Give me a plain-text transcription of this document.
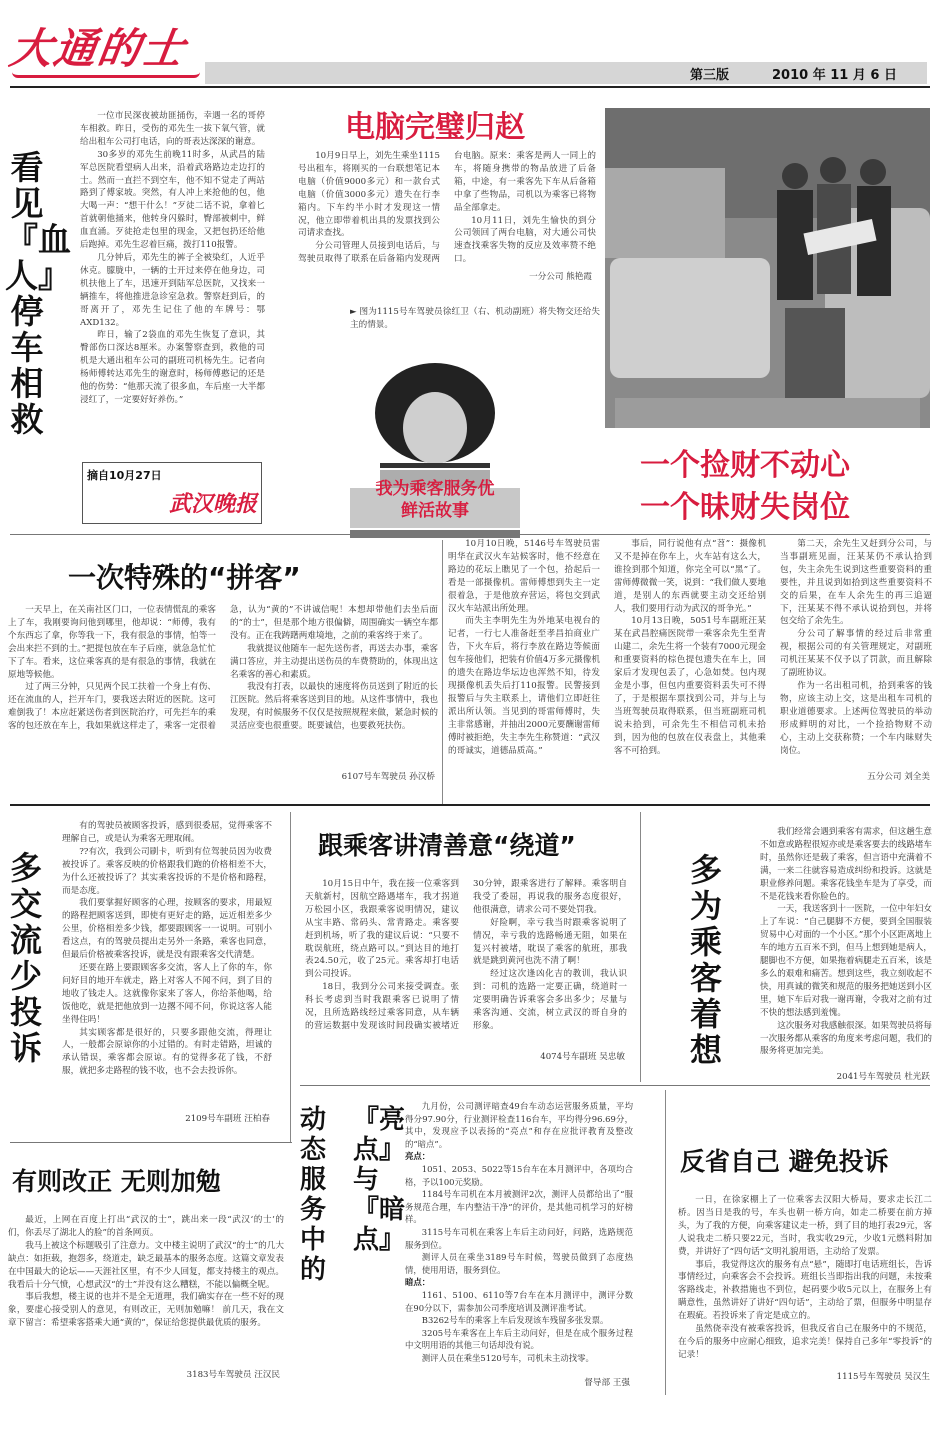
大通的士
第三版	2010 年 11 月 6 日
看见『血人』停车相救

一位市民深夜被劫匪捅伤，幸遇一名的哥停车相救。昨日，受伤的邓先生一拔下氧气管，就给出租车公司打电话，向的哥表达深深的谢意。

30多岁的邓先生前晚11时多，从武昌的陆军总医院看望病人出来，沿着武珞路边走边打的士。然而一直拦不到空车，他不知不觉走了两站路到了傅家坡。突然，有人冲上来抢他的包，他大喝一声：“想干什么！”歹徒二话不说，拿着匕首就朝他捅来，他转身闪躲时，臀部被刺中，鲜血直涌。歹徒抢走包里的现金，又把包扔还给他后跑掉。邓先生忍着巨痛，拨打110报警。

几分钟后，邓先生的裤子全被染红，人近乎休克。朦胧中，一辆的士开过来停在他身边，司机扶他上了车，迅速开到陆军总医院，又找来一辆推车，将他推进急诊室急救。警察赶到后，的哥离开了，邓先生记住了他的车牌号：鄂AXD132。

昨日，输了2袋血的邓先生恢复了意识，其臀部伤口深达8厘米。办案警察查到，救他的司机是大通出租车公司的副班司机杨先生。记者向杨师傅转达邓先生的谢意时，杨师傅憨记的还是他的伤势：“他那天流了很多血，车后座一大半都浸红了，一定要好好养伤。”

摘自10月27日
武汉晚报
电脑完璧归赵

10月9日早上，刘先生乘坐1115号出租车，将刚买的一台联想笔记本电脑（价值9000多元）和一款台式电脑（价值3000多元）遗失在行李箱内。下车约半小时才发现这一情况，他立即带着机出具的发票找到公司请求查找。

分公司管理人员接到电话后，与驾驶员取得了联系在后备箱内发现两台电脑。原来：乘客是两人一同上的车，将随身携带的物品放进了后备箱，中途，有一乘客先下车从后备箱中拿了些物品，司机以为乘客已将物品全部拿走。

10月11日，刘先生愉快的到分公司领回了两台电脑，对大通公司快速查找乘客失物的反应及效率赞不绝口。

一分公司 熊艳霞
► 图为1115号车驾驶员徐红卫（右、机动副班）将失物交还给失主的情景。
我为乘客服务优
鲜活故事
一个捡财不动心
一个昧财失岗位
一次特殊的“拼客”

一天早上，在关南社区门口，一位表情慌乱的乘客上了车，我刚要询问他到哪里，他却说：“师傅，我有个东西忘了拿，你等我一下，我有很急的事情，怕等一会出来拦不到的士。”把提包放在车子后座，就急急忙忙下了车。看来，这位乘客真的是有很急的事情，我就在原地等候他。

过了两三分钟，只见两个民工扶着一个身上有伤、还在流血的人，拦开车门，要我送去附近的医院。这可难倒我了！本应赶紧送伤者到医院治疗，可先拦车的乘客的包还放在车上，我如果就这样走了，乘客一定很着急，认为“黄的”不讲诚信呢！本想却带他们去坐后面的“的士”，但是那个地方很偏僻，周围确实一辆空车都没有。正在我踌躇两难境地，之前的乘客终于来了。

我就提议他随车一起先送伤者，再送去办事，乘客满口答应，并主动提出送伤员的车费赞助的，体现出这名乘客的善心和素质。

我没有打表，以最快的速度将伤员送到了附近的长江医院。然后将乘客送到目的地。从这件事情中，我也发现，有时候服务不仅仅是按照规程来做，紧急时候的灵活应变也很重要。既要诚信，也要救死扶伤。

6107号车驾驶员 孙汉桥

10月10日晚，5146号车驾驶员雷明华在武汉火车站候客时，他不经意在路边的花坛上瞧见了一个包，拾起后一看是一部摄像机。雷师傅想到失主一定很着急，于是他放弃营运，将包交到武汉火车站派出所处理。

而失主李明先生为外地某电视台的记者，一行七人准备赶至孝昌拍商业广告，下火车后，将行李放在路边等候面包车接他们，把装有价值4万多元摄像机的遗失在路边华坛边也浑然不知，待发现摄像机丢失后打110报警。民警接到报警后与失主联系上，请他们立即赶往派出所认领。当见到的哥雷师傅时，失主非常感谢，并抽出2000元要酬谢雷师傅时被拒绝，失主李先生称赞道：“武汉的哥诚实，道德品质高。”

事后，同行说他有点“苕”：摄像机又不是掉在你车上，火车站有这么大，谁捡到那个知道，你完全可以“黑”了。雷师傅微微一笑，说到：“我们做人要地道，是别人的东西就要主动交还给别人，我们要用行动为武汉的哥争光。”

10月13日晚，5051号车副班汪某某在武昌腔痛医院带一乘客余先生至青山建二，余先生将一个装有7000元现金和重要资料的棕色提包遗失在车上，回家后才发现包丢了，心急如焚。包内现金是小事，但包内重要资料丢失可不得了，于是根据车票找到公司，并与上与当班驾驶员取得联系，但当班副班司机说未拾到，可余先生不相信司机未拾到，因为他的包放在仪表盘上，其他乘客不可拾到。

第二天，余先生又赶到分公司，与当事副班见面，汪某某仍不承认拾到包，失主余先生说到这些重要资料的重要性，并且说到如拾到这些重要资料不交的后果，在车人余先生的再三追逼下，汪某某不得不承认说拾到包，并将包交给了余先生。

分公司了解事情的经过后非常重视，根据公司的有关管理规定，对副班司机汪某某不仅予以了罚款，而且解除了副班协议。

作为一名出租司机，拾到乘客的钱物，应该主动上交，这是出租车司机的职业道德要求。上述两位驾驶员的举动形成鲜明的对比，一个捡拾物财不动心，主动上交获称赞；一个车内昧财失岗位。

五分公司 刘全美
多交流 少投诉

有的驾驶员被顾客投诉，感到很委屈，觉得乘客不理解自己，或是认为乘客无理取闹。

??有次，我到公司刷卡，听到有位驾驶员因为收费被投诉了。乘客反映的价格跟我们跑的价格相差不大，为什么还被投诉了？其实乘客投诉的不是价格和路程，而是态度。

我们要掌握好顾客的心理，按顾客的要求，用最短的路程把顾客送到，即使有更好走的路，远近相差多少公里，价格相差多少钱，都要跟顾客一一说明。可别小看这点，有的驾驶员提出走另外一条路，乘客也同意，但最后价格被乘客投诉，就是没有跟乘客交代清楚。

还要在路上要跟顾客多交流，客人上了你的车，你问好目的地开车就走，路上对客人不闻不问，到了目的地收了钱走人。这就像你家来了客人，你给茶他喝，给饭他吃，就是把他放到一边撂不闻不问，你说这客人能坐得住吗！

其实顾客都是很好的，只要多跟他交流，得理让人，一般都会原谅你的小过错的。有时走错路，坦诚的承认错误，乘客都会原谅。有的觉得多花了钱，不舒服，就把多走路程的钱不收，也不会去投诉你。

2109号车副班 汪柏春
跟乘客讲清善意“绕道”

10月15日中午，我在接一位乘客到天航新村，因航空路遇堵车，我才拐道万松园小区，我跟乘客说明情况，建议从宝丰路、常码头、常青路走。乘客要赶到机场，听了我的建议后说：“只要不耽误航班，绕点路可以。”到达目的地打表24.50元，收了25元。乘客却打电话到公司投诉。

18日，我到分公司来接受调查。张科长考虑到当时我跟乘客已说明了情况，且所选路线经过乘客同意，从车辆的营运数据中发现该时间段确实被堵近30分钟，跟乘客进行了解释。乘客明自我受了委屈，再说我的服务态度很好，他很满意，请求公司不要处罚我。

好险啊，幸亏我当时跟乘客说明了情况，幸亏我的选路畅通无阻，如果在复兴村被堵，耽误了乘客的航班，那我就是跳到黄河也洗不清了啊！

经过这次逢凶化吉的教训，我认识到：司机的选路一定要正确，绕道时一定要明确告诉乘客会多出多少；尽量与乘客沟通、交流，树立武汉的哥自身的形象。

4074号车副班 吴忠敏
多为乘客着想

我们经常会遇到乘客有需求，但这趟生意不如意或路程很短亦或是乘客要去的线路堵车时，虽然你还是载了乘客，但言语中充满着不满，一来二往就容易造成纠纷和投诉。这就是职业修养问题。乘客花钱坐车是为了享受，而不是花钱来看你脸色的。

一天，我送客到十一医院，一位中年妇女上了车说：“自己腿脚不方便，要到全国服装贸易中心对面的一个小区。”那个小区距离地上车的地方五百米不到，但马上想到她是病人，腿脚也不方便，如果拖着病腿走五百米，该是多么的艰难和痛苦。想到这些，我立刻收起不快，用真诚的微笑和规范的服务把她送到小区里，她下车后对我一谢再谢，令我对之前有过不快的想法感到羞愧。

这次服务对我感触很深。如果驾驶员将每一次服务都从乘客的角度来考虑问题，我们的服务将更加完美。

2041号车驾驶员 杜光跃
有则改正 无则加勉

最近，上网在百度上打出“武汉的士”，跳出来一段“武汉‘的士’的们，你丢尽了湖北人的脸”的首条网页。

我马上被这个标题吸引了注意力。文中楼主说明了武汉“的士”的几大缺点：如拒载，抱怨多，绕道走，缺乏最基本的服务态度。这篇文章发表在中国最大的论坛——天涯社区里，有不少人回复，都支持楼主的观点。我看后十分气愤，心想武汉“的士”并没有这么糟糕，不能以偏概全呢。

事后我想，楼主说的也并不是全无道理，我们确实存在一些不好的现象，要虚心接受别人的意见，有则改正，无则加勉嘛！ 前几天，我在文章下留言：希望乘客搭乘大通“黄的”，保证给您提供最优质的服务。

3183号车驾驶员 汪汉民
动态服务中的『亮点』与『暗点』

九月份，公司测评暗查49台车动态运营服务质量，平均得分97.90分，行业测评检查116台车，平均得分96.69分，其中，发现应予以表扬的“亮点”和存在应批评教育及整改的“暗点”。

亮点：

1051、2053、5022等15台车在本月测评中，各项均合格，予以100元奖励。

1184号车司机在本月被测评2次，测评人员都给出了“服务规范合理，车内整洁干净”的评价，是其他司机学习的好榜样。

3115号车司机在乘客上车后主动问好，问路，选路规范服务到位。

测评人员在乘坐3189号车时候，驾驶员做到了态度热情，使用用语，服务到位。

暗点：

1161、5100、6110等7台车在本月测评中，测评分数在90分以下，需参加公司季度培训及测评准考试。

B3262号车的乘客上车后发现该车残留多张发票。

3205号车乘客在上车后主动问好，但是在成个服务过程中文明用语的其他三句话却没有说。

测评人员在乘坐5120号车，司机未主动找零。

督导部 王强
反省自己 避免投诉

一日，在徐家棚上了一位乘客去汉阳大桥局，要求走长江二桥。因当日是我的号，车头也朝一桥方向，如走二桥要在前方掉头，为了我的方便，向乘客建议走一桥，到了目的地打表29元，客人说我走二桥只要22元，当时，我实收29元，少收1元燃料附加费，并讲好了“四句话”文明礼貌用语，主动给了发票。

事后，我觉得这次的服务有点“悬”，随即打电话班组长，告诉事情经过，向乘客会不会投诉。班组长当即指出我的问题，未按乘客路线走，补救措施也不到位，起码要少收5元以上，在服务上有瞒意性，虽然讲好了讲好“四句话”，主动给了票，但服务中明显存在瑕疵。若投诉来了肯定是成立的。

虽然侥幸没有被乘客投诉，但我反省自己在服务中的不规范，在今后的服务中应耐心细致，追求完美！保持自己多年“零投诉”的记录！

1115号车驾驶员 吴汉生
